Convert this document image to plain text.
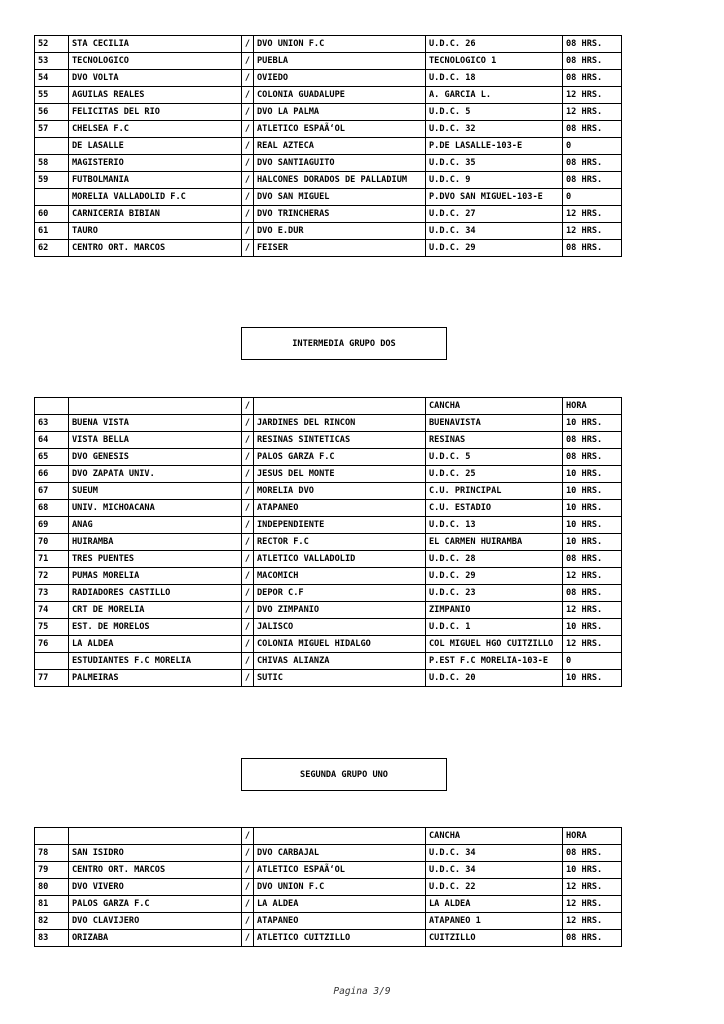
52	STA CECILIA	/	DVO UNION F.C	U.D.C. 26	08 HRS.
53	TECNOLOGICO	/	PUEBLA	TECNOLOGICO 1	08 HRS.
54	DVO VOLTA	/	OVIEDO	U.D.C. 18	08 HRS.
55	AGUILAS REALES	/	COLONIA GUADALUPE	A. GARCIA L.	12 HRS.
56	FELICITAS DEL RIO	/	DVO LA PALMA	U.D.C. 5	12 HRS.
57	CHELSEA F.C	/	ATLETICO ESPAÃ‘OL	U.D.C. 32	08 HRS.
	DE LASALLE	/	REAL AZTECA	P.DE LASALLE-103-E	0
58	MAGISTERIO	/	DVO SANTIAGUITO	U.D.C. 35	08 HRS.
59	FUTBOLMANIA	/	HALCONES DORADOS DE PALLADIUM	U.D.C. 9	08 HRS.
	MORELIA VALLADOLID F.C	/	DVO SAN MIGUEL	P.DVO SAN MIGUEL-103-E	0
60	CARNICERIA BIBIAN	/	DVO TRINCHERAS	U.D.C. 27	12 HRS.
61	TAURO	/	DVO E.DUR	U.D.C. 34	12 HRS.
62	CENTRO ORT. MARCOS	/	FEISER	U.D.C. 29	08 HRS.
INTERMEDIA GRUPO DOS
		/		CANCHA	HORA
63	BUENA VISTA	/	JARDINES DEL RINCON	BUENAVISTA	10 HRS.
64	VISTA BELLA	/	RESINAS SINTETICAS	RESINAS	08 HRS.
65	DVO GENESIS	/	PALOS GARZA F.C	U.D.C. 5	08 HRS.
66	DVO ZAPATA UNIV.	/	JESUS DEL MONTE	U.D.C. 25	10 HRS.
67	SUEUM	/	MORELIA DVO	C.U. PRINCIPAL	10 HRS.
68	UNIV. MICHOACANA	/	ATAPANEO	C.U. ESTADIO	10 HRS.
69	ANAG	/	INDEPENDIENTE	U.D.C. 13	10 HRS.
70	HUIRAMBA	/	RECTOR F.C	EL CARMEN HUIRAMBA	10 HRS.
71	TRES PUENTES	/	ATLETICO VALLADOLID	U.D.C. 28	08 HRS.
72	PUMAS MORELIA	/	MACOMICH	U.D.C. 29	12 HRS.
73	RADIADORES CASTILLO	/	DEPOR C.F	U.D.C. 23	08 HRS.
74	CRT DE MORELIA	/	DVO ZIMPANIO	ZIMPANIO	12 HRS.
75	EST. DE MORELOS	/	JALISCO	U.D.C. 1	10 HRS.
76	LA ALDEA	/	COLONIA MIGUEL HIDALGO	COL MIGUEL HGO CUITZILLO	12 HRS.
	ESTUDIANTES F.C MORELIA	/	CHIVAS ALIANZA	P.EST F.C MORELIA-103-E	0
77	PALMEIRAS	/	SUTIC	U.D.C. 20	10 HRS.
SEGUNDA GRUPO UNO
		/		CANCHA	HORA
78	SAN ISIDRO	/	DVO CARBAJAL	U.D.C. 34	08 HRS.
79	CENTRO ORT. MARCOS	/	ATLETICO ESPAÃ‘OL	U.D.C. 34	10 HRS.
80	DVO VIVERO	/	DVO UNION F.C	U.D.C. 22	12 HRS.
81	PALOS GARZA F.C	/	LA ALDEA	LA ALDEA	12 HRS.
82	DVO CLAVIJERO	/	ATAPANEO	ATAPANEO 1	12 HRS.
83	ORIZABA	/	ATLETICO CUITZILLO	CUITZILLO	08 HRS.
Pagina 3/9
